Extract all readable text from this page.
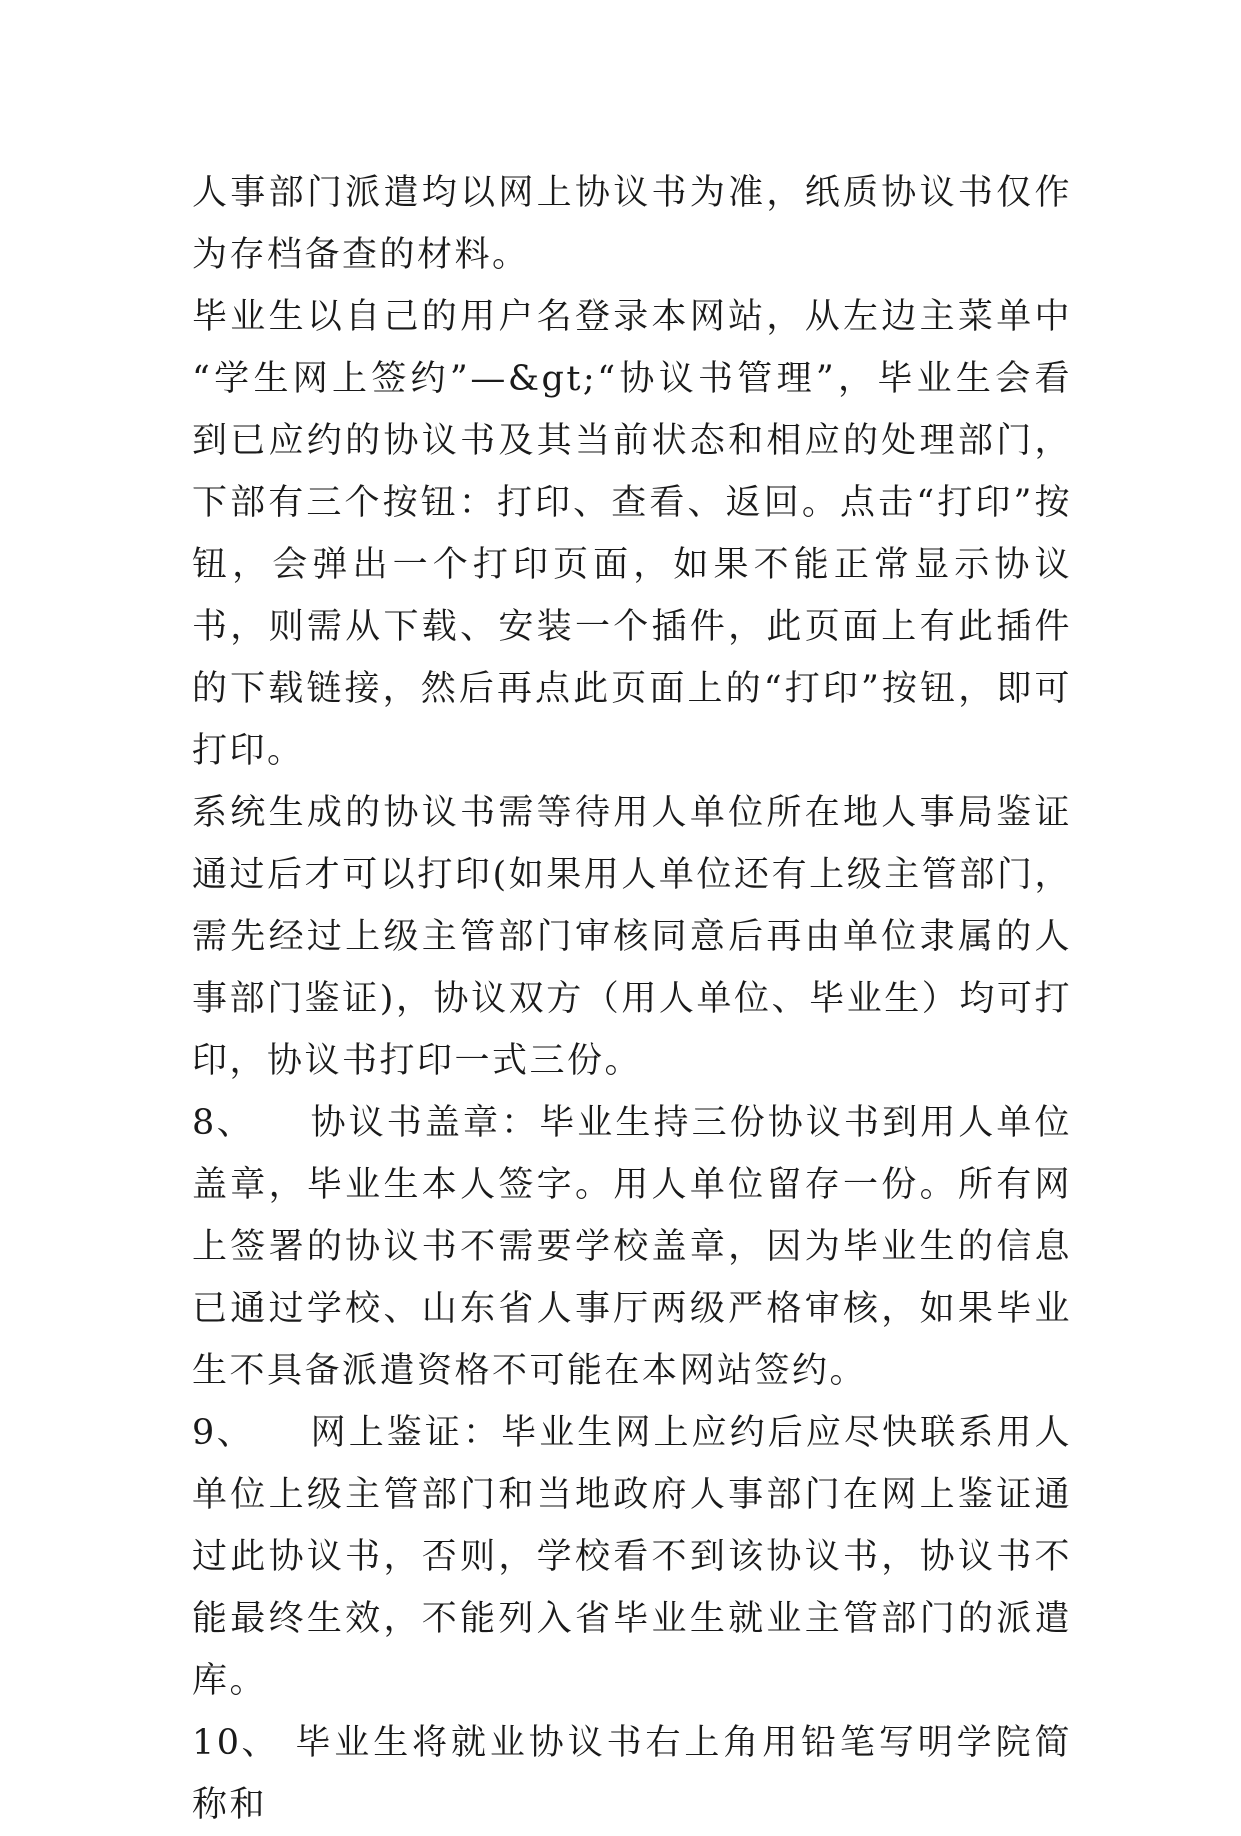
人事部门派遣均以网上协议书为准，纸质协议书仅作为存档备查的材料。

毕业生以自己的用户名登录本网站，从左边主菜单中 “学生网上签约”—&gt;“协议书管理”，毕业生会看到已应约的协议书及其当前状态和相应的处理部门，下部有三个按钮：打印、查看、返回。点击“打印”按钮，会弹出一个打印页面，如果不能正常显示协议书，则需从下载、安装一个插件，此页面上有此插件的下载链接，然后再点此页面上的“打印”按钮，即可打印。

系统生成的协议书需等待用人单位所在地人事局鉴证通过后才可以打印(如果用人单位还有上级主管部门，需先经过上级主管部门审核同意后再由单位隶属的人事部门鉴证)，协议双方（用人单位、毕业生）均可打印，协议书打印一式三份。

8、 协议书盖章：毕业生持三份协议书到用人单位盖章，毕业生本人签字。用人单位留存一份。所有网上签署的协议书不需要学校盖章，因为毕业生的信息已通过学校、山东省人事厅两级严格审核，如果毕业生不具备派遣资格不可能在本网站签约。

9、 网上鉴证：毕业生网上应约后应尽快联系用人单位上级主管部门和当地政府人事部门在网上鉴证通过此协议书，否则，学校看不到该协议书，协议书不能最终生效，不能列入省毕业生就业主管部门的派遣库。

10、 毕业生将就业协议书右上角用铅笔写明学院简称和
